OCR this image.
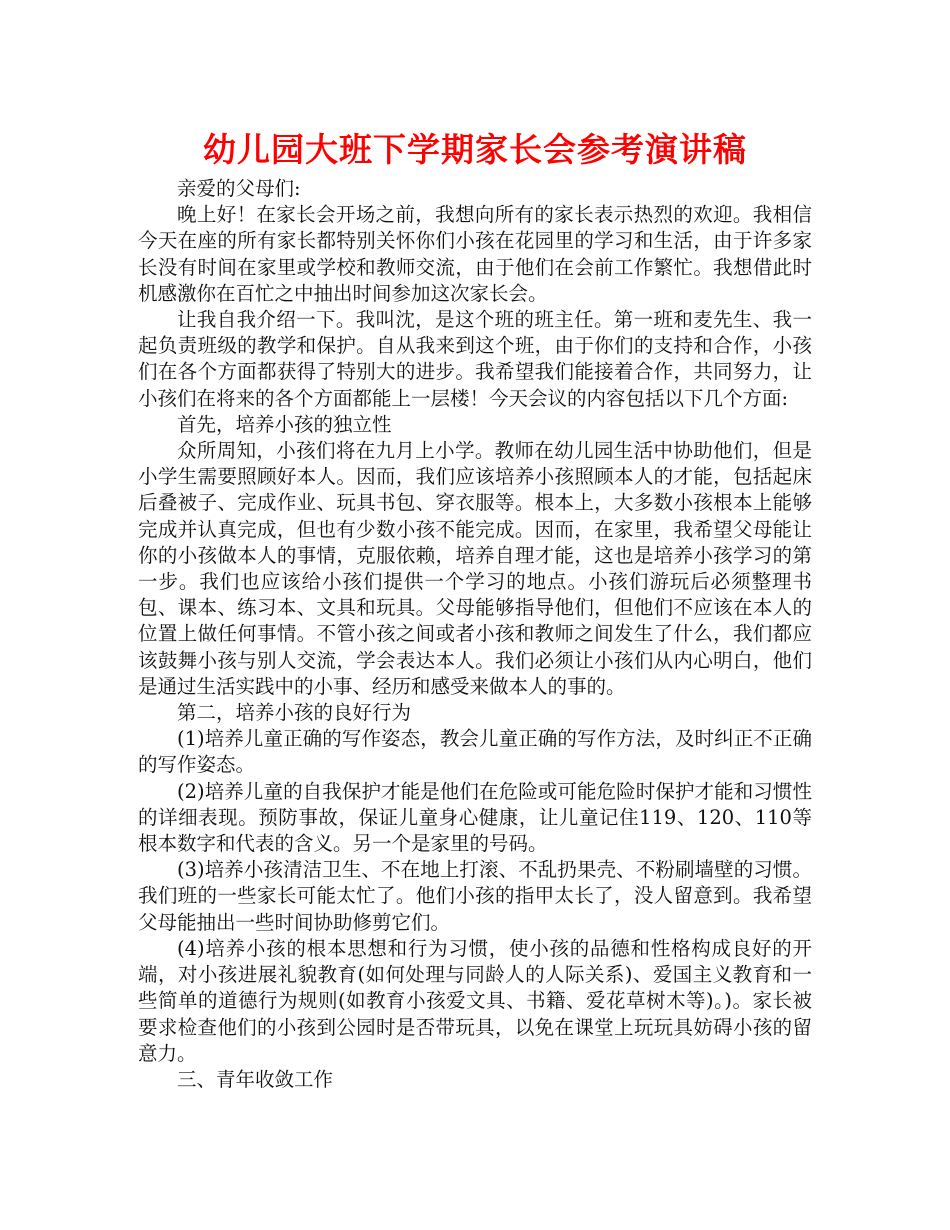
幼儿园大班下学期家长会参考演讲稿

亲爱的父母们:

晚上好！在家长会开场之前，我想向所有的家长表示热烈的欢迎。我相信今天在座的所有家长都特别关怀你们小孩在花园里的学习和生活，由于许多家长没有时间在家里或学校和教师交流，由于他们在会前工作繁忙。我想借此时机感激你在百忙之中抽出时间参加这次家长会。

让我自我介绍一下。我叫沈，是这个班的班主任。第一班和麦先生、我一起负责班级的教学和保护。自从我来到这个班，由于你们的支持和合作，小孩们在各个方面都获得了特别大的进步。我希望我们能接着合作，共同努力，让小孩们在将来的各个方面都能上一层楼！今天会议的内容包括以下几个方面:

首先，培养小孩的独立性

众所周知，小孩们将在九月上小学。教师在幼儿园生活中协助他们，但是小学生需要照顾好本人。因而，我们应该培养小孩照顾本人的才能，包括起床后叠被子、完成作业、玩具书包、穿衣服等。根本上，大多数小孩根本上能够完成并认真完成，但也有少数小孩不能完成。因而，在家里，我希望父母能让你的小孩做本人的事情，克服依赖，培养自理才能，这也是培养小孩学习的第一步。我们也应该给小孩们提供一个学习的地点。小孩们游玩后必须整理书包、课本、练习本、文具和玩具。父母能够指导他们，但他们不应该在本人的位置上做任何事情。不管小孩之间或者小孩和教师之间发生了什么，我们都应该鼓舞小孩与别人交流，学会表达本人。我们必须让小孩们从内心明白，他们是通过生活实践中的小事、经历和感受来做本人的事的。

第二，培养小孩的良好行为

(1)培养儿童正确的写作姿态，教会儿童正确的写作方法，及时纠正不正确的写作姿态。

(2)培养儿童的自我保护才能是他们在危险或可能危险时保护才能和习惯性的详细表现。预防事故，保证儿童身心健康，让儿童记住119、120、110等根本数字和代表的含义。另一个是家里的号码。

(3)培养小孩清洁卫生、不在地上打滚、不乱扔果壳、不粉刷墙壁的习惯。我们班的一些家长可能太忙了。他们小孩的指甲太长了，没人留意到。我希望父母能抽出一些时间协助修剪它们。

(4)培养小孩的根本思想和行为习惯，使小孩的品德和性格构成良好的开端，对小孩进展礼貌教育(如何处理与同龄人的人际关系)、爱国主义教育和一些简单的道德行为规则(如教育小孩爱文具、书籍、爱花草树木等)。)。家长被要求检查他们的小孩到公园时是否带玩具，以免在课堂上玩玩具妨碍小孩的留意力。

三、青年收敛工作
